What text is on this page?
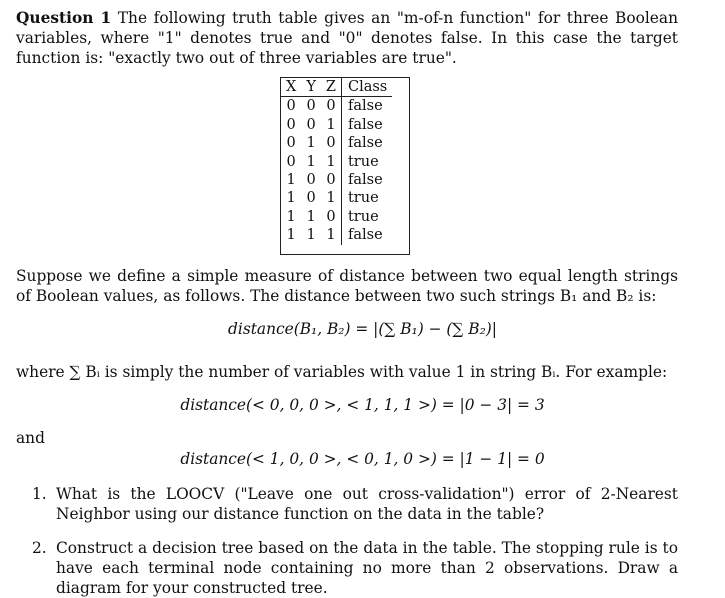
Question 1 The following truth table gives an "m-of-n function" for three Boolean variables, where "1" denotes true and "0" denotes false. In this case the target function is: "exactly two out of three variables are true".
X	Y	Z	Class
0	0	0	false
0	0	1	false
0	1	0	false
0	1	1	true
1	0	0	false
1	0	1	true
1	1	0	true
1	1	1	false
Suppose we define a simple measure of distance between two equal length strings of Boolean values, as follows. The distance between two such strings B₁ and B₂ is:
distance(B₁, B₂) = |(∑ B₁) − (∑ B₂)|
where ∑ Bᵢ is simply the number of variables with value 1 in string Bᵢ. For example:
distance(< 0, 0, 0 >, < 1, 1, 1 >) = |0 − 3| = 3
and
distance(< 1, 0, 0 >, < 0, 1, 0 >) = |1 − 1| = 0
1. What is the LOOCV ("Leave one out cross-validation") error of 2-Nearest Neighbor using our distance function on the data in the table?
2. Construct a decision tree based on the data in the table. The stopping rule is to have each terminal node containing no more than 2 observations. Draw a diagram for your constructed tree.
